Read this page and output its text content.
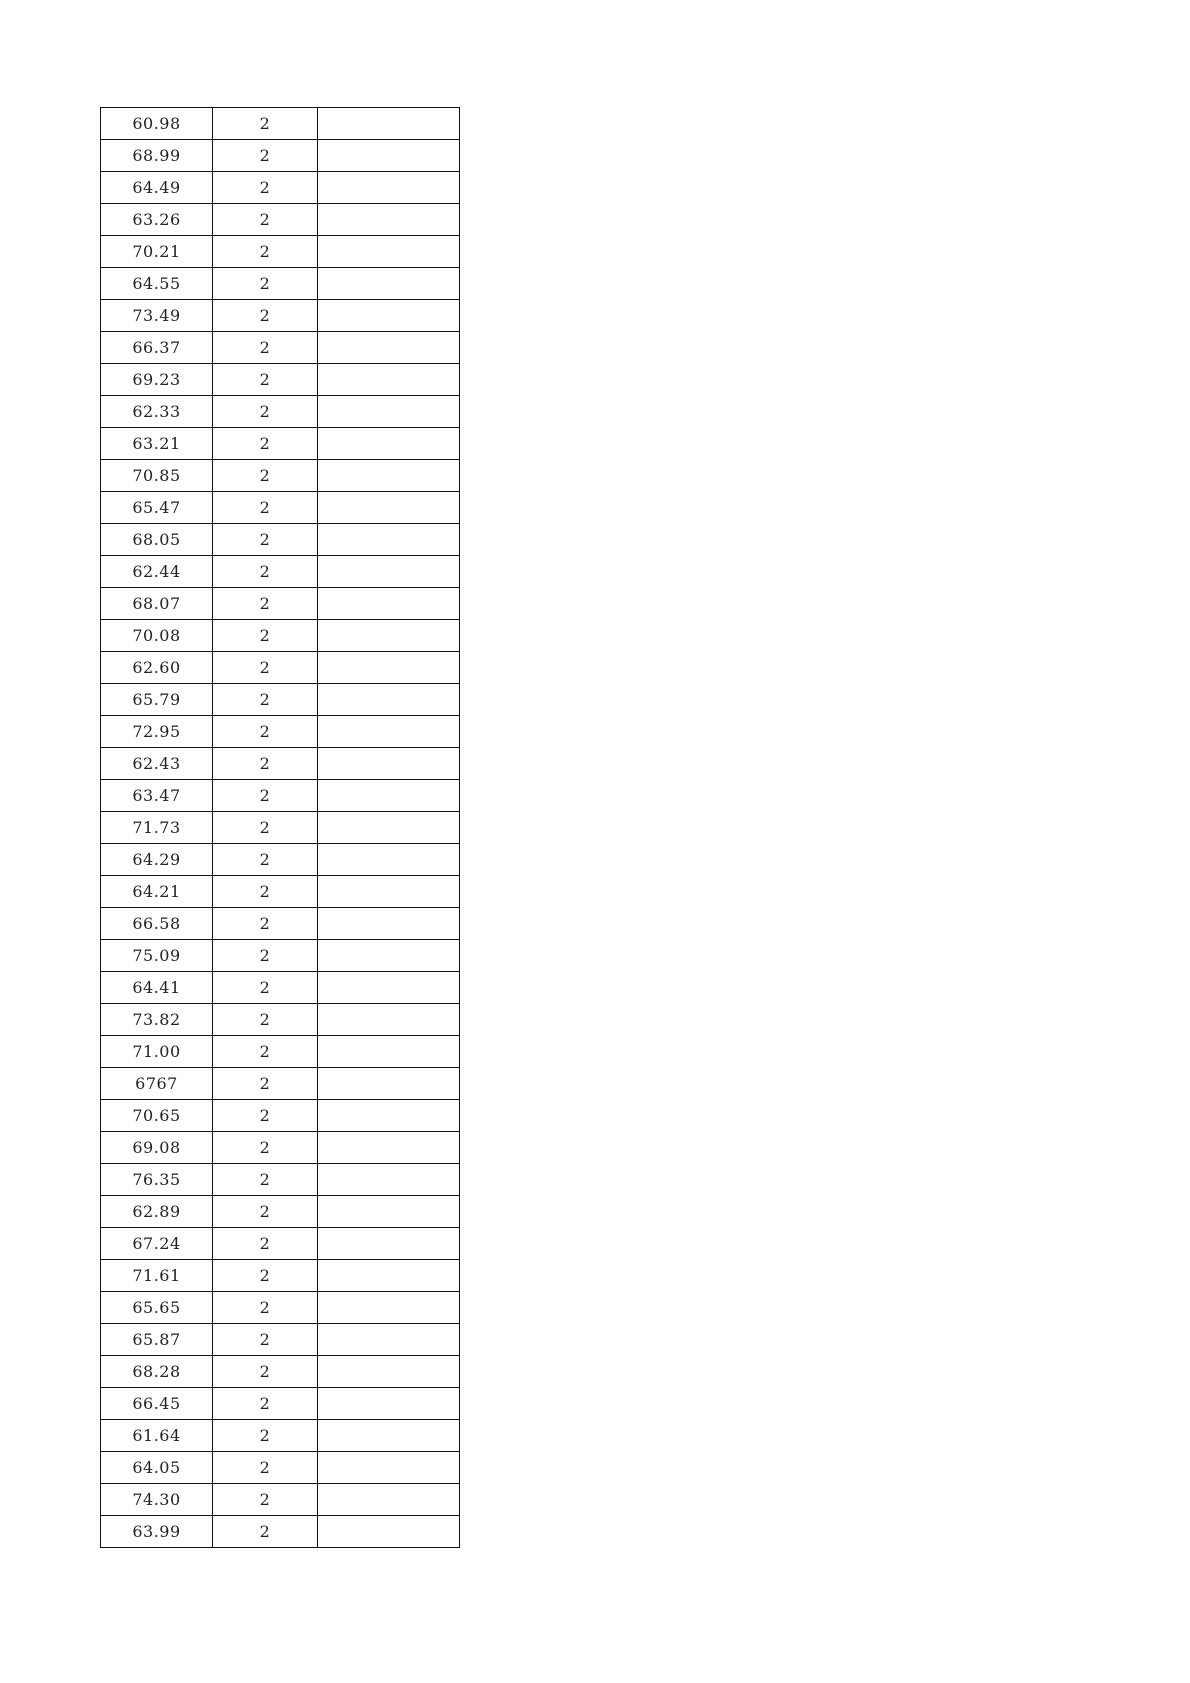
60.98	2	
68.99	2	
64.49	2	
63.26	2	
70.21	2	
64.55	2	
73.49	2	
66.37	2	
69.23	2	
62.33	2	
63.21	2	
70.85	2	
65.47	2	
68.05	2	
62.44	2	
68.07	2	
70.08	2	
62.60	2	
65.79	2	
72.95	2	
62.43	2	
63.47	2	
71.73	2	
64.29	2	
64.21	2	
66.58	2	
75.09	2	
64.41	2	
73.82	2	
71.00	2	
6767	2	
70.65	2	
69.08	2	
76.35	2	
62.89	2	
67.24	2	
71.61	2	
65.65	2	
65.87	2	
68.28	2	
66.45	2	
61.64	2	
64.05	2	
74.30	2	
63.99	2	
